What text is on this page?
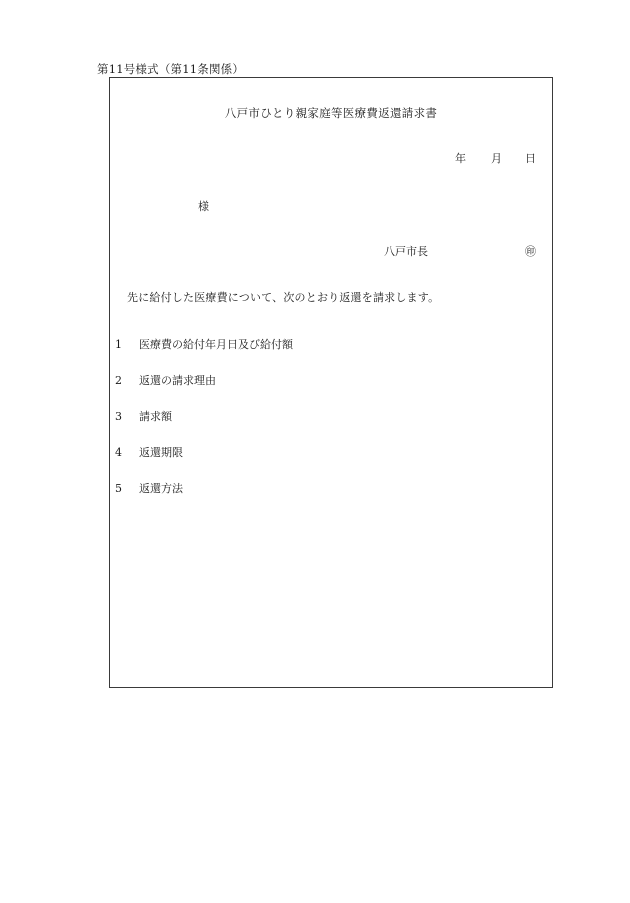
第11号様式（第11条関係）
八戸市ひとり親家庭等医療費返還請求書
年 月 日
様
八戸市長	㊞
先に給付した医療費について、次のとおり返還を請求します。
1	医療費の給付年月日及び給付額
2	返還の請求理由
3	請求額
4	返還期限
5	返還方法
